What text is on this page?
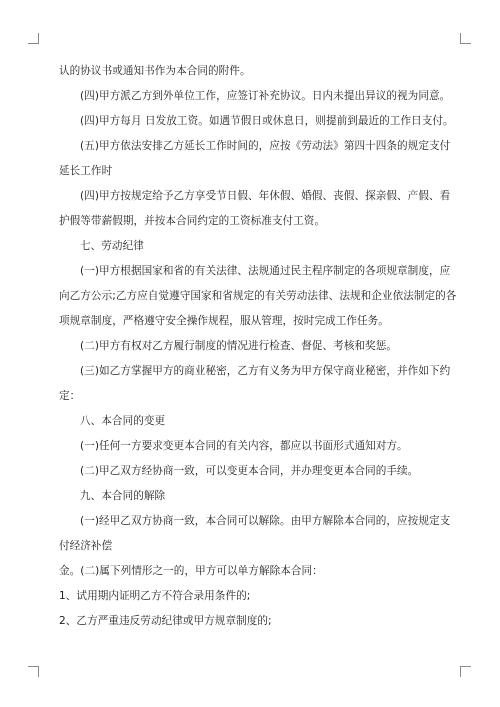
认的协议书或通知书作为本合同的附件。

(四)甲方派乙方到外单位工作，应签订补充协议。日内未提出异议的视为同意。

(四)甲方每月 日发放工资。如遇节假日或休息日，则提前到最近的工作日支付。

(五)甲方依法安排乙方延长工作时间的，应按《劳动法》第四十四条的规定支付

延长工作时

(四)甲方按规定给予乙方享受节日假、年休假、婚假、丧假、探亲假、产假、看

护假等带薪假期，并按本合同约定的工资标准支付工资。

七、劳动纪律

(一)甲方根据国家和省的有关法律、法规通过民主程序制定的各项规章制度，应

向乙方公示;乙方应自觉遵守国家和省规定的有关劳动法律、法规和企业依法制定的各

项规章制度，严格遵守安全操作规程，服从管理，按时完成工作任务。

(二)甲方有权对乙方履行制度的情况进行检查、督促、考核和奖惩。

(三)如乙方掌握甲方的商业秘密，乙方有义务为甲方保守商业秘密，并作如下约

定：

八、本合同的变更

(一)任何一方要求变更本合同的有关内容，都应以书面形式通知对方。

(二)甲乙双方经协商一致，可以变更本合同，并办理变更本合同的手续。

九、本合同的解除

(一)经甲乙双方协商一致，本合同可以解除。由甲方解除本合同的，应按规定支

付经济补偿

金。(二)属下列情形之一的，甲方可以单方解除本合同：

1、试用期内证明乙方不符合录用条件的;

2、乙方严重违反劳动纪律或甲方规章制度的;
